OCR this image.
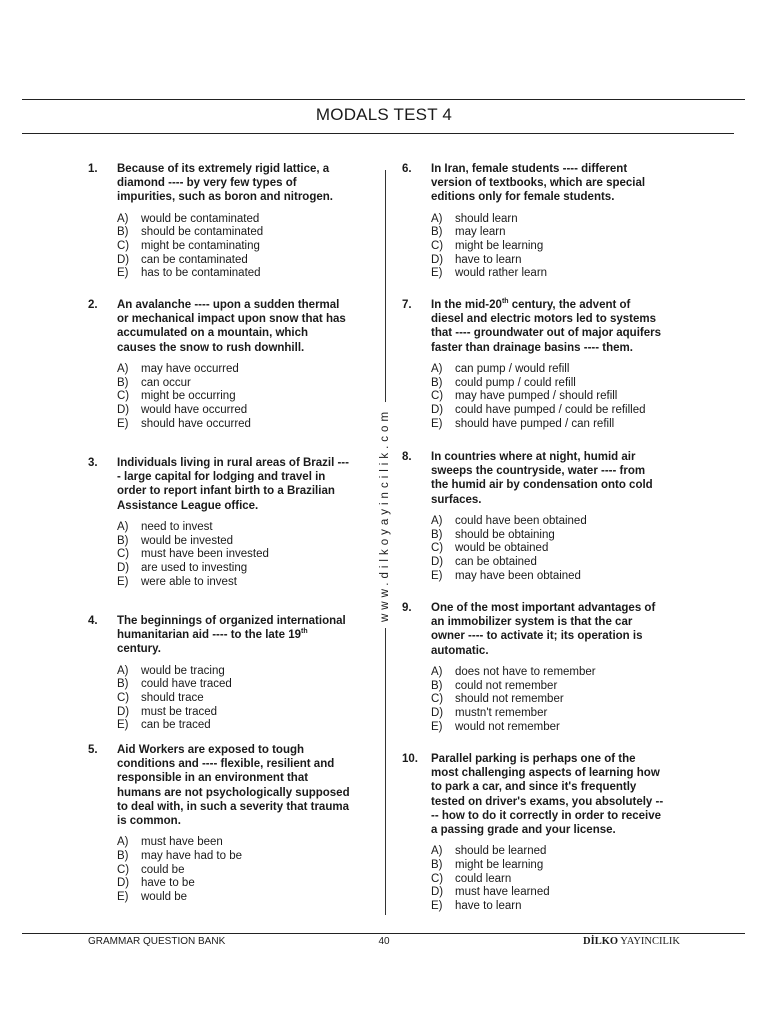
MODALS TEST 4
www.dilkoyayincilik.com
1. Because of its extremely rigid lattice, a diamond ---- by very few types of impurities, such as boron and nitrogen.
A)	would be contaminated
B)	should be contaminated
C)	might be contaminating
D)	can be contaminated
E)	has to be contaminated
2. An avalanche ---- upon a sudden thermal or mechanical impact upon snow that has accumulated on a mountain, which causes the snow to rush downhill.
A)	may have occurred
B)	can occur
C)	might be occurring
D)	would have occurred
E)	should have occurred
3. Individuals living in rural areas of Brazil ---- large capital for lodging and travel in order to report infant birth to a Brazilian Assistance League office.
A)	need to invest
B)	would be invested
C)	must have been invested
D)	are used to investing
E)	were able to invest
4. The beginnings of organized international humanitarian aid ---- to the late 19th century.
A)	would be tracing
B)	could have traced
C)	should trace
D)	must be traced
E)	can be traced
5. Aid Workers are exposed to tough conditions and ---- flexible, resilient and responsible in an environment that humans are not psychologically supposed to deal with, in such a severity that trauma is common.
A)	must have been
B)	may have had to be
C)	could be
D)	have to be
E)	would be
6. In Iran, female students ---- different version of textbooks, which are special editions only for female students.
A)	should learn
B)	may learn
C)	might be learning
D)	have to learn
E)	would rather learn
7. In the mid-20th century, the advent of diesel and electric motors led to systems that ---- groundwater out of major aquifers faster than drainage basins ---- them.
A)	can pump / would refill
B)	could pump / could refill
C)	may have pumped / should refill
D)	could have pumped / could be refilled
E)	should have pumped / can refill
8. In countries where at night, humid air sweeps the countryside, water ---- from the humid air by condensation onto cold surfaces.
A)	could have been obtained
B)	should be obtaining
C)	would be obtained
D)	can be obtained
E)	may have been obtained
9. One of the most important advantages of an immobilizer system is that the car owner ---- to activate it; its operation is automatic.
A)	does not have to remember
B)	could not remember
C)	should not remember
D)	mustn't remember
E)	would not remember
10. Parallel parking is perhaps one of the most challenging aspects of learning how to park a car, and since it's frequently tested on driver's exams, you absolutely ---- how to do it correctly in order to receive a passing grade and your license.
A)	should be learned
B)	might be learning
C)	could learn
D)	must have learned
E)	have to learn
GRAMMAR QUESTION BANK	40	DİLKO YAYINCILIK
